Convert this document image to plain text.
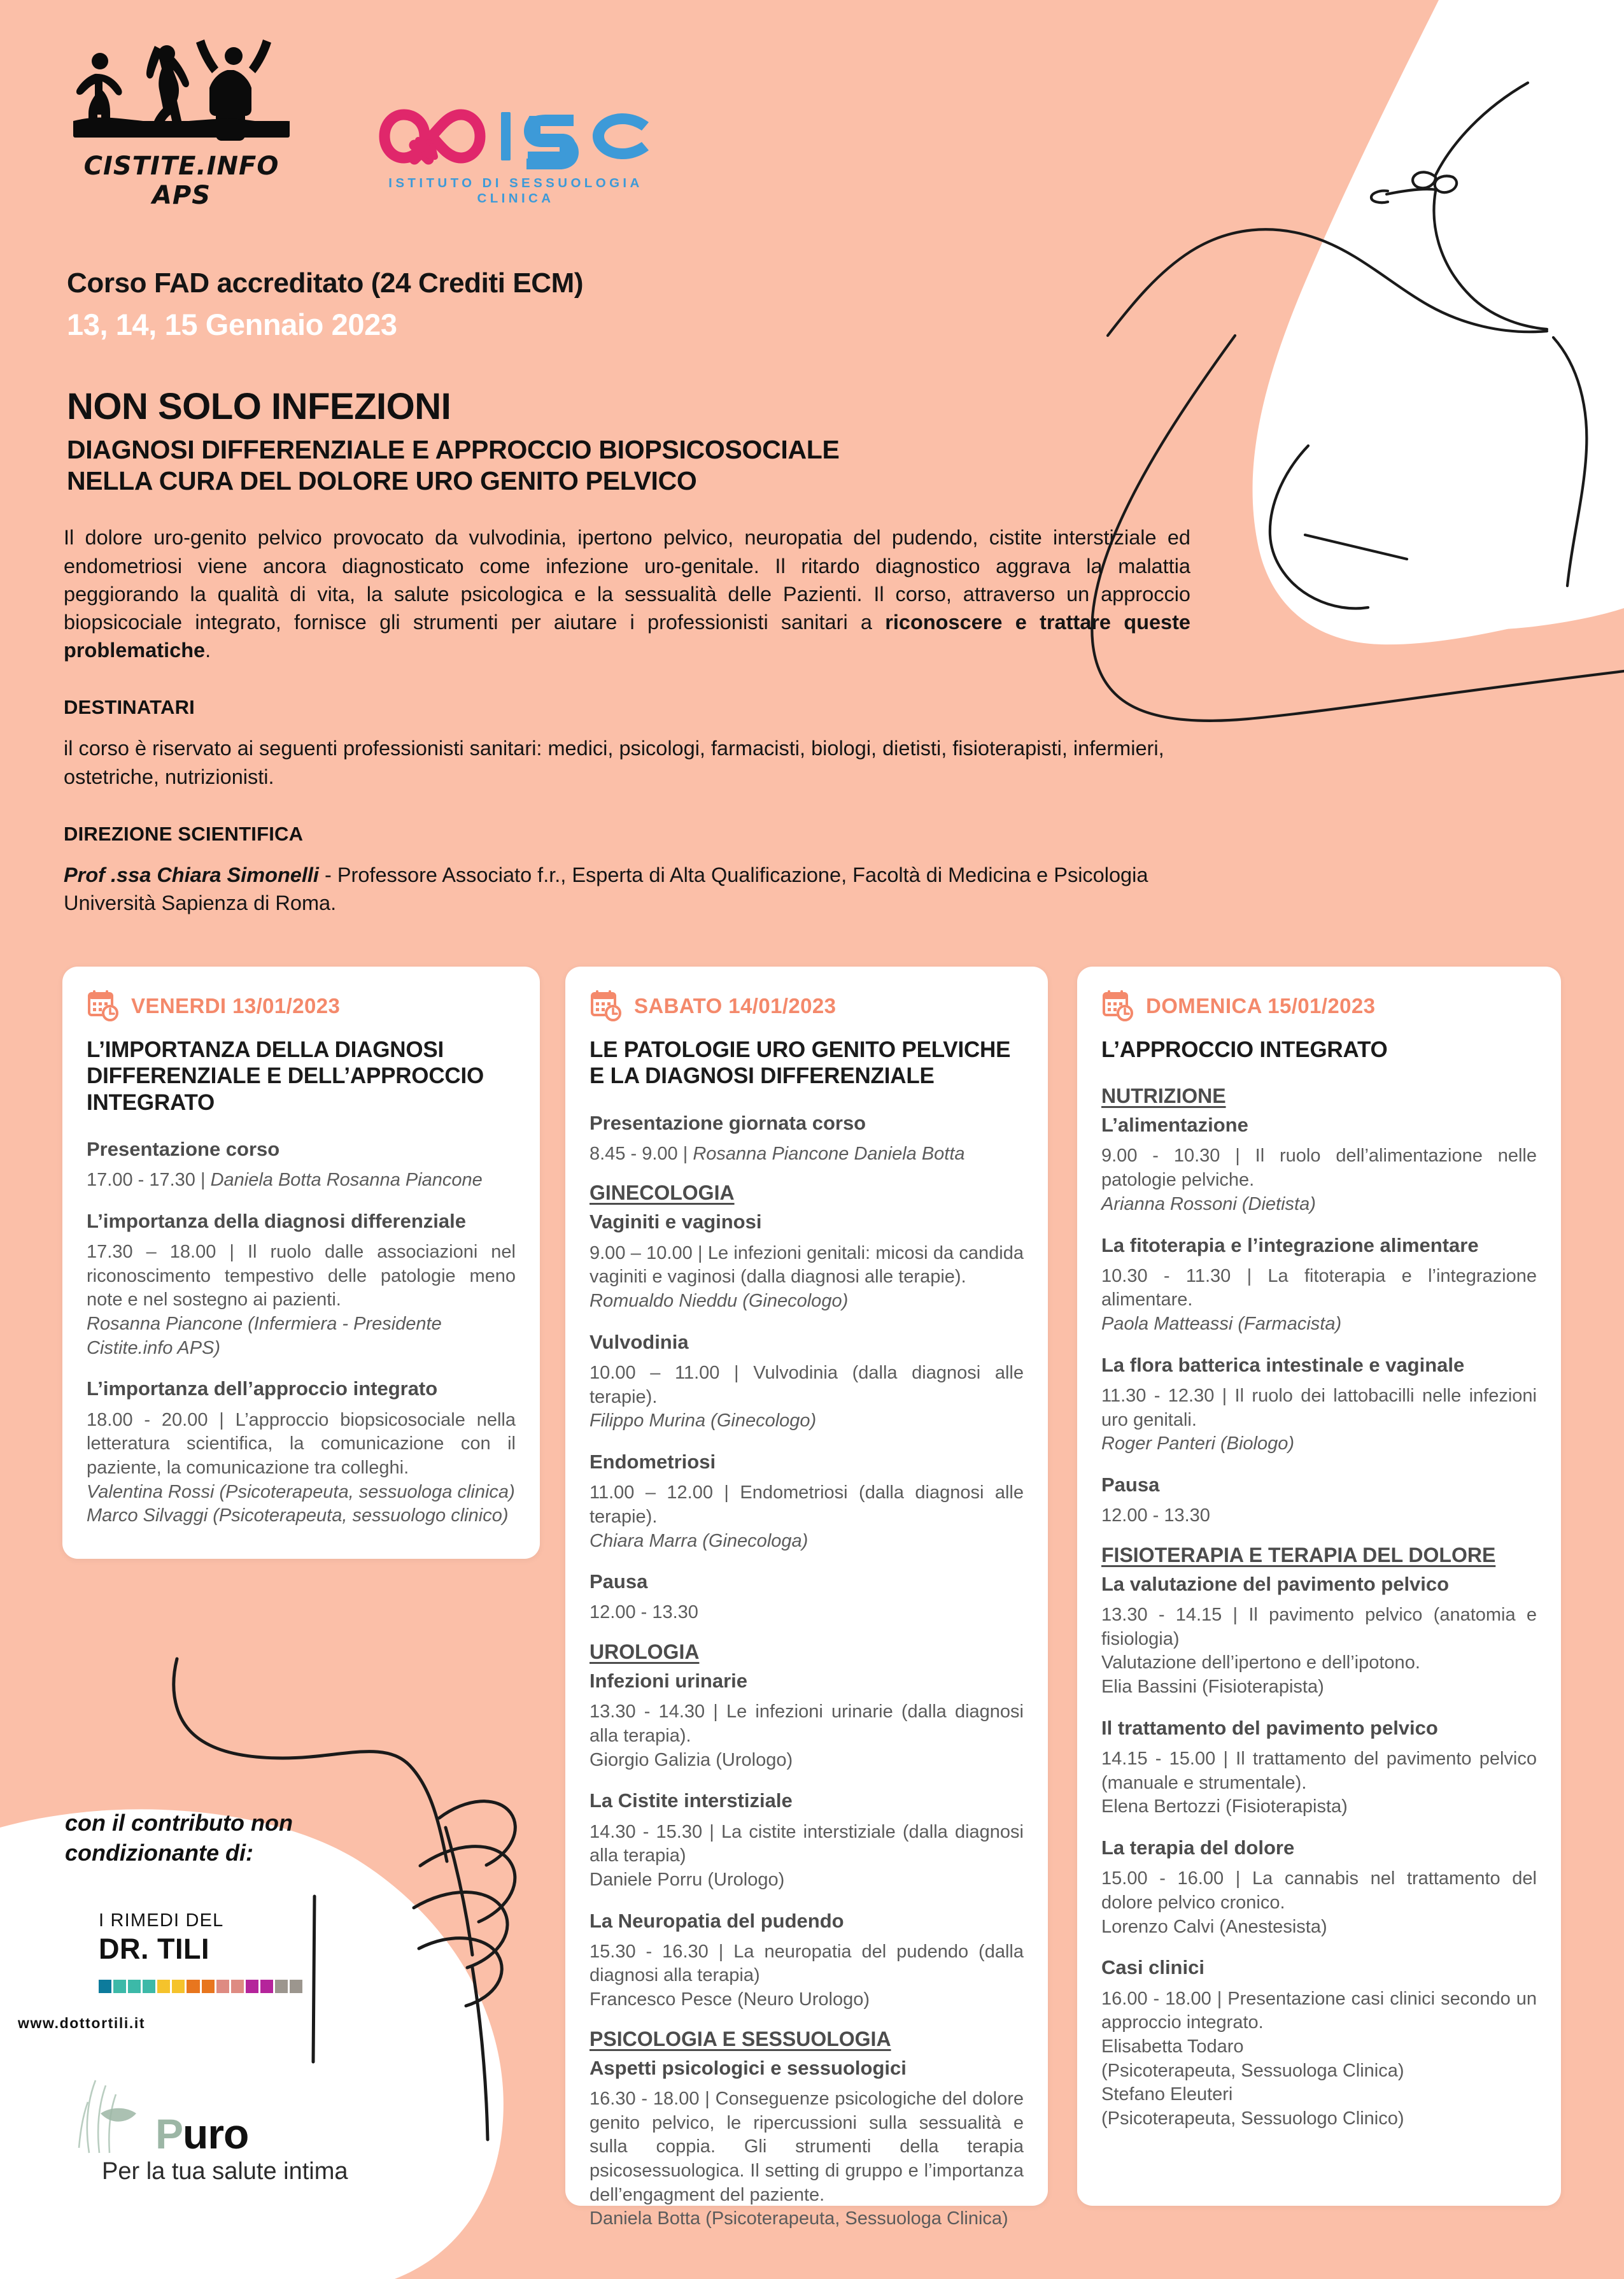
CISTITE.INFO APS	ISTITUTO DI SESSUOLOGIA CLINICA
Corso FAD accreditato (24 Crediti ECM)
13, 14, 15 Gennaio 2023
NON SOLO INFEZIONI
DIAGNOSI DIFFERENZIALE E APPROCCIO BIOPSICOSOCIALE
NELLA CURA DEL DOLORE URO GENITO PELVICO

Il dolore uro-genito pelvico provocato da vulvodinia, ipertono pelvico, neuropatia del pudendo, cistite interstiziale ed endometriosi viene ancora diagnosticato come infezione uro-genitale. Il ritardo diagnostico aggrava la malattia peggiorando la qualità di vita, la salute psicologica e la sessualità delle Pazienti. Il corso, attraverso un approccio biopsicociale integrato, fornisce gli strumenti per aiutare i professionisti sanitari a riconoscere e trattare queste problematiche.

DESTINATARI

il corso è riservato ai seguenti professionisti sanitari: medici, psicologi, farmacisti, biologi, dietisti, fisioterapisti, infermieri, ostetriche, nutrizionisti.

DIREZIONE SCIENTIFICA

Prof .ssa Chiara Simonelli - Professore Associato f.r., Esperta di Alta Qualificazione, Facoltà di Medicina e Psicologia Università Sapienza di Roma.

VENERDI 13/01/2023
L’IMPORTANZA DELLA DIAGNOSI DIFFERENZIALE E DELL’APPROCCIO INTEGRATO
Presentazione corso
17.00 - 17.30 | Daniela Botta Rosanna Piancone
L’importanza della diagnosi differenziale
17.30 – 18.00 | Il ruolo dalle associazioni nel riconoscimento tempestivo delle patologie meno note e nel sostegno ai pazienti.
Rosanna Piancone (Infermiera - Presidente Cistite.info APS)
L’importanza dell’approccio integrato
18.00 - 20.00 | L’approccio biopsicosociale nella letteratura scientifica, la comunicazione con il paziente, la comunicazione tra colleghi.
Valentina Rossi (Psicoterapeuta, sessuologa clinica)
Marco Silvaggi (Psicoterapeuta, sessuologo clinico)
SABATO 14/01/2023
LE PATOLOGIE URO GENITO PELVICHE E LA DIAGNOSI DIFFERENZIALE
Presentazione giornata corso
8.45 - 9.00 | Rosanna Piancone Daniela Botta
GINECOLOGIA
Vaginiti e vaginosi
9.00 – 10.00 | Le infezioni genitali: micosi da candida vaginiti e vaginosi (dalla diagnosi alle terapie).
Romualdo Nieddu (Ginecologo)
Vulvodinia
10.00 – 11.00 | Vulvodinia (dalla diagnosi alle terapie).
Filippo Murina (Ginecologo)
Endometriosi
11.00 – 12.00 | Endometriosi (dalla diagnosi alle terapie).
Chiara Marra (Ginecologa)
Pausa
12.00 - 13.30
UROLOGIA
Infezioni urinarie
13.30 - 14.30 | Le infezioni urinarie (dalla diagnosi alla terapia).
Giorgio Galizia (Urologo)
La Cistite interstiziale
14.30 - 15.30 | La cistite interstiziale (dalla diagnosi alla terapia)
Daniele Porru (Urologo)
La Neuropatia del pudendo
15.30 - 16.30 | La neuropatia del pudendo (dalla diagnosi alla terapia)
Francesco Pesce (Neuro Urologo)
PSICOLOGIA E SESSUOLOGIA
Aspetti psicologici e sessuologici
16.30 - 18.00 | Conseguenze psicologiche del dolore genito pelvico, le ripercussioni sulla sessualità e sulla coppia. Gli strumenti della terapia psicosessuologica. Il setting di gruppo e l’importanza dell’engagment del paziente.
Daniela Botta (Psicoterapeuta, Sessuologa Clinica)
DOMENICA 15/01/2023
L’APPROCCIO INTEGRATO
NUTRIZIONE
L’alimentazione
9.00 - 10.30 | Il ruolo dell’alimentazione nelle patologie pelviche.
Arianna Rossoni (Dietista)
La fitoterapia e l’integrazione alimentare
10.30 - 11.30 | La fitoterapia e l’integrazione alimentare.
Paola Matteassi (Farmacista)
La flora batterica intestinale e vaginale
11.30 - 12.30 | Il ruolo dei lattobacilli nelle infezioni uro genitali.
Roger Panteri (Biologo)
Pausa
12.00 - 13.30
FISIOTERAPIA E TERAPIA DEL DOLORE
La valutazione del pavimento pelvico
13.30 - 14.15 | Il pavimento pelvico (anatomia e fisiologia)
Valutazione dell’ipertono e dell’ipotono.
Elia Bassini (Fisioterapista)
Il trattamento del pavimento pelvico
14.15 - 15.00 | Il trattamento del pavimento pelvico (manuale e strumentale).
Elena Bertozzi (Fisioterapista)
La terapia del dolore
15.00 - 16.00 | La cannabis nel trattamento del dolore pelvico cronico.
Lorenzo Calvi (Anestesista)
Casi clinici
16.00 - 18.00 | Presentazione casi clinici secondo un approccio integrato.
Elisabetta Todaro
(Psicoterapeuta, Sessuologa Clinica)
Stefano Eleuteri
(Psicoterapeuta, Sessuologo Clinico)
con il contributo non condizionante di:
I RIMEDI DEL
DR. TILI
www.dottortili.it
Puro
Per la tua salute intima
